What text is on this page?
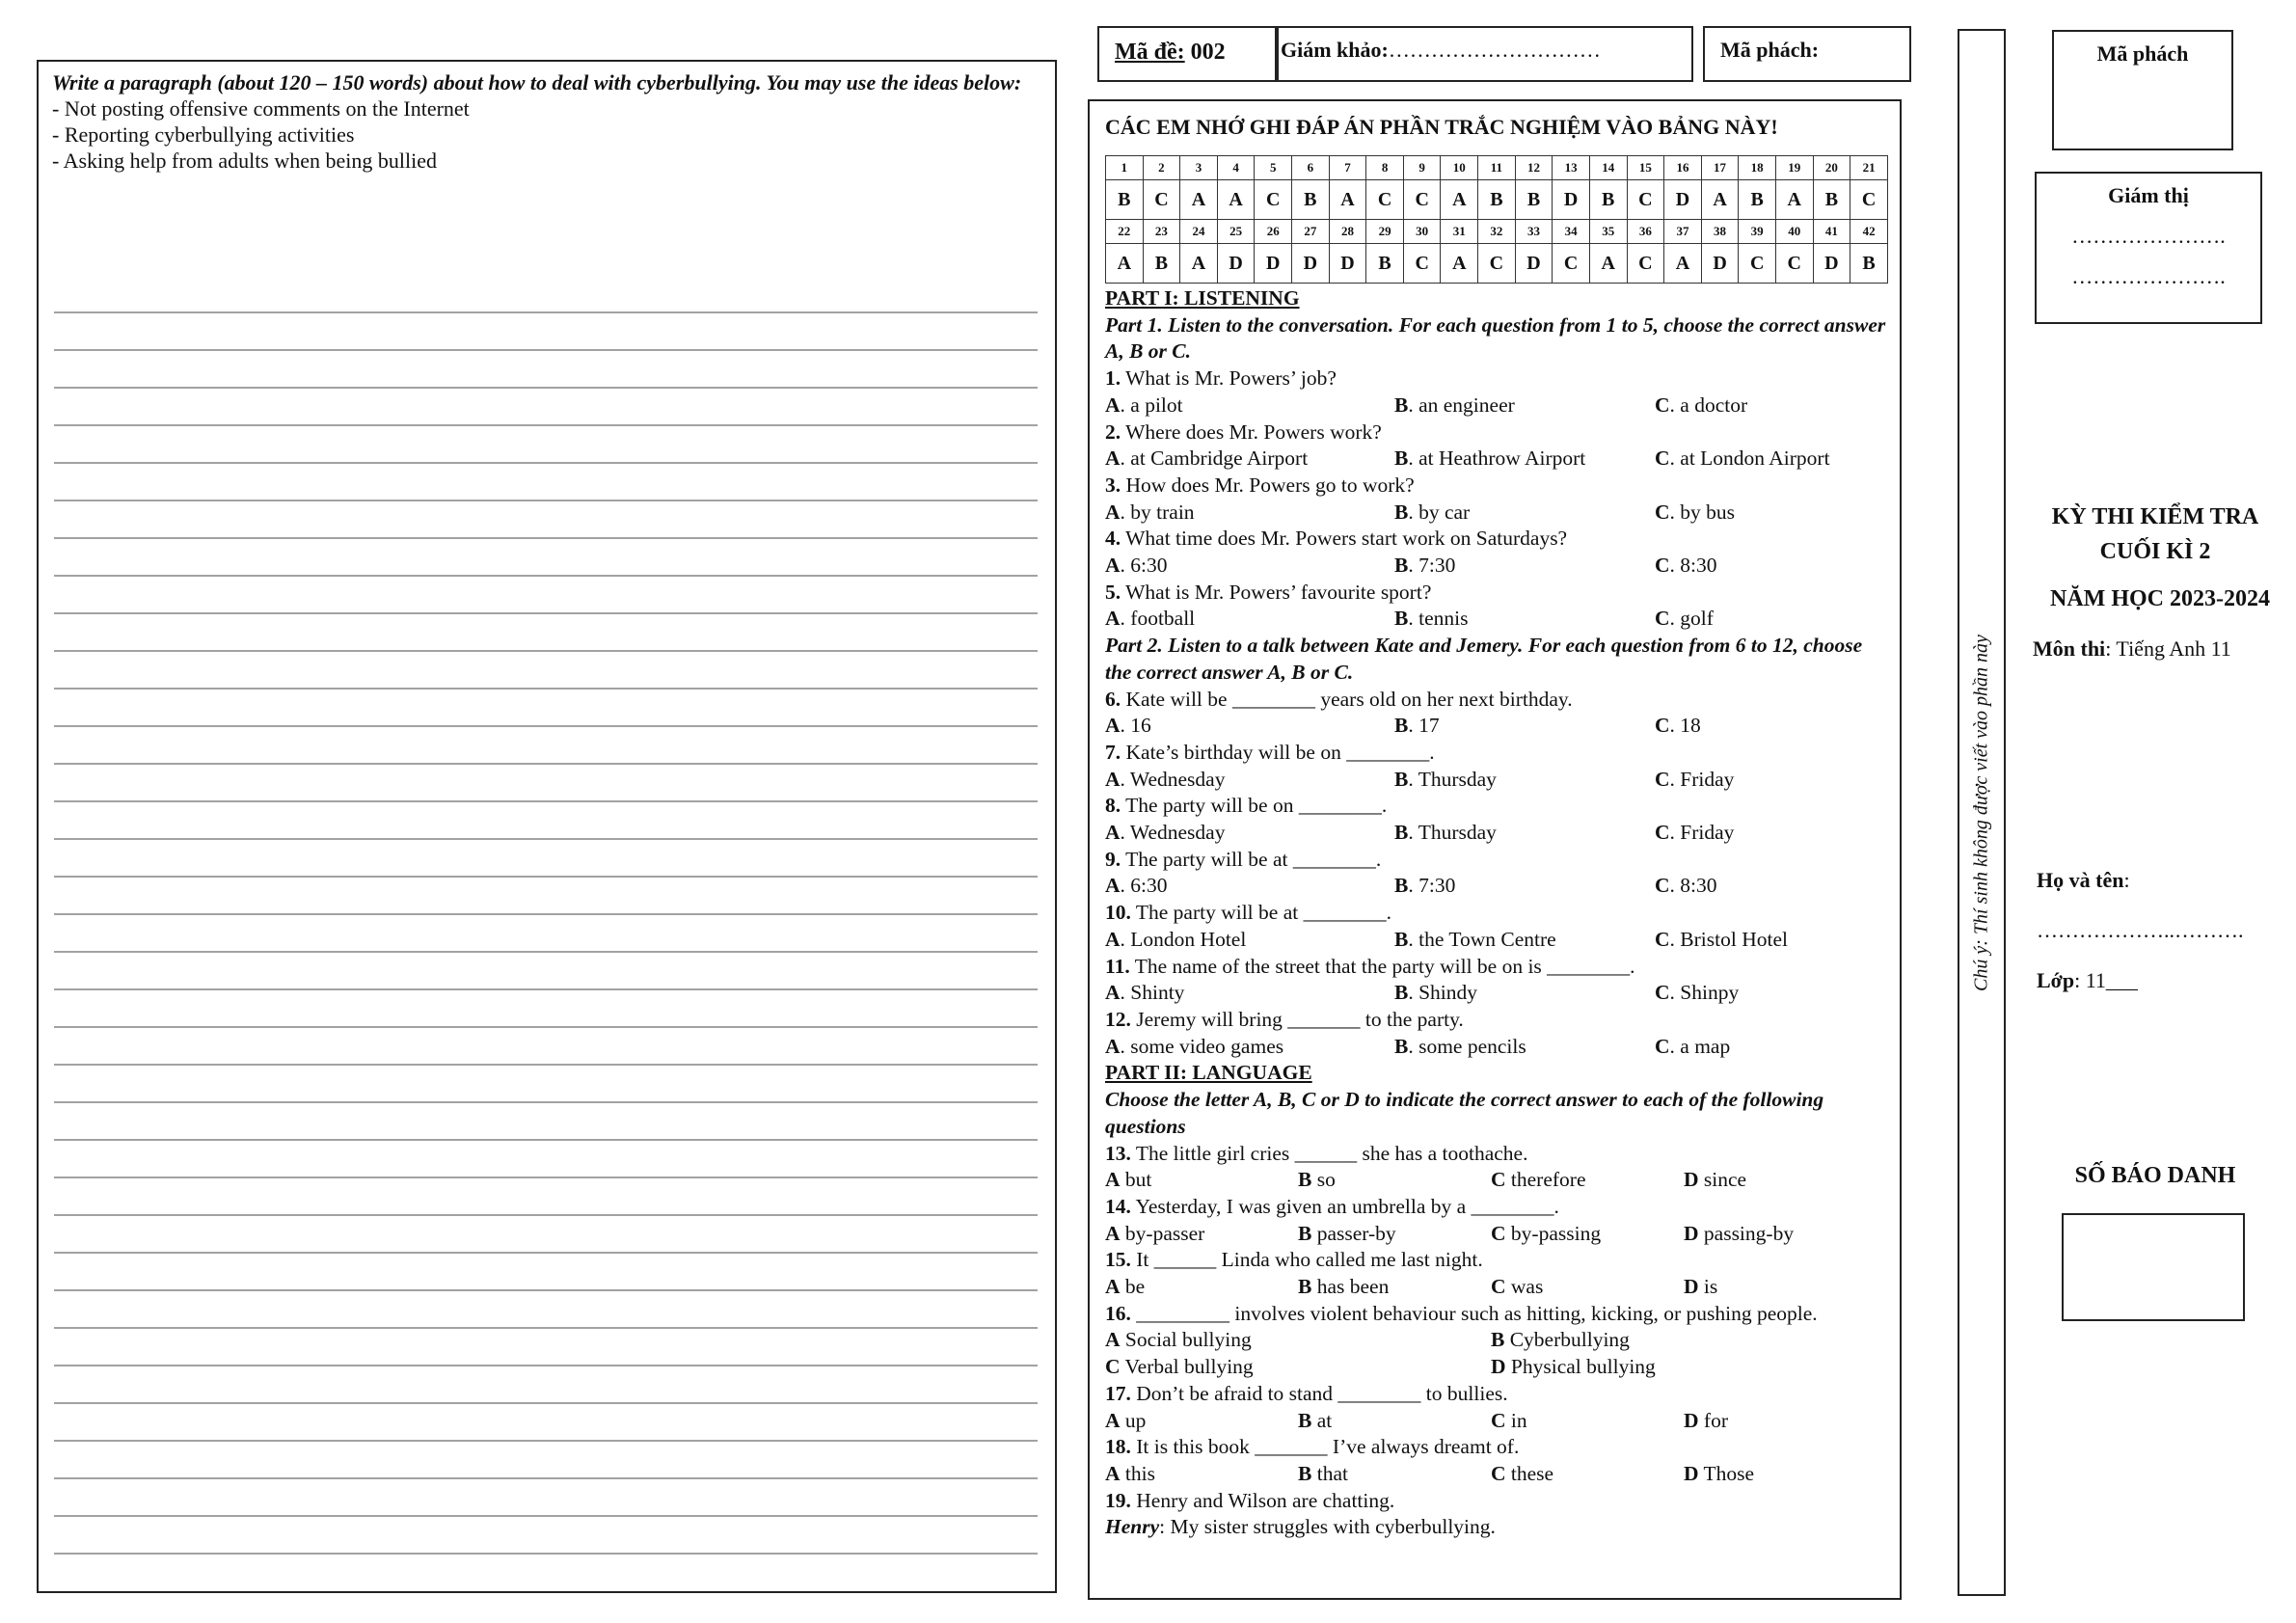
Write a paragraph (about 120 – 150 words) about how to deal with cyberbullying. You may use the ideas below:
- Not posting offensive comments on the Internet
- Reporting cyberbullying activities
- Asking help from adults when being bullied
Mã đề: 002	Giám khảo:…………………………	Mã phách:
CÁC EM NHỚ GHI ĐÁP ÁN PHẦN TRẮC NGHIỆM VÀO BẢNG NÀY!
1	2	3	4	5	6	7	8	9	10	11	12	13	14	15	16	17	18	19	20	21
B	C	A	A	C	B	A	C	C	A	B	B	D	B	C	D	A	B	A	B	C
22	23	24	25	26	27	28	29	30	31	32	33	34	35	36	37	38	39	40	41	42
A	B	A	D	D	D	D	B	C	A	C	D	C	A	C	A	D	C	C	D	B
PART I: LISTENING
Part 1. Listen to the conversation. For each question from 1 to 5, choose the correct answer A, B or C.
1. What is Mr. Powers’ job?
A. a pilot	B. an engineer	C. a doctor
2. Where does Mr. Powers work?
A. at Cambridge Airport	B. at Heathrow Airport	C. at London Airport
3. How does Mr. Powers go to work?
A. by train	B. by car	C. by bus
4. What time does Mr. Powers start work on Saturdays?
A. 6:30	B. 7:30	C. 8:30
5. What is Mr. Powers’ favourite sport?
A. football	B. tennis	C. golf
Part 2. Listen to a talk between Kate and Jemery. For each question from 6 to 12, choose the correct answer A, B or C.
6. Kate will be ________ years old on her next birthday.
A. 16	B. 17	C. 18
7. Kate’s birthday will be on ________.
A. Wednesday	B. Thursday	C. Friday
8. The party will be on ________.
A. Wednesday	B. Thursday	C. Friday
9. The party will be at ________.
A. 6:30	B. 7:30	C. 8:30
10. The party will be at ________.
A. London Hotel	B. the Town Centre	C. Bristol Hotel
11. The name of the street that the party will be on is ________.
A. Shinty	B. Shindy	C. Shinpy
12. Jeremy will bring _______ to the party.
A. some video games	B. some pencils	C. a map
PART II: LANGUAGE
Choose the letter A, B, C or D to indicate the correct answer to each of the following questions
13. The little girl cries ______ she has a toothache.
A but	B so	C therefore	D since
14. Yesterday, I was given an umbrella by a ________.
A by-passer	B passer-by	C by-passing	D passing-by
15. It ______ Linda who called me last night.
A be	B has been	C was	D is
16. _________ involves violent behaviour such as hitting, kicking, or pushing people.
A Social bullying	B Cyberbullying
C Verbal bullying	D Physical bullying
17. Don’t be afraid to stand ________ to bullies.
A up	B at	C in	D for
18. It is this book _______ I’ve always dreamt of.
A this	B that	C these	D Those
19. Henry and Wilson are chatting.
Henry: My sister struggles with cyberbullying.
Chú ý: Thí sinh không được viết vào phần này
Mã phách
Giám thị
………………….
………………….
KỲ THI KIỂM TRA
CUỐI KÌ 2
NĂM HỌC 2023-2024
Môn thi: Tiếng Anh 11
Họ và tên:
………………..……….
Lớp: 11___
SỐ BÁO DANH
